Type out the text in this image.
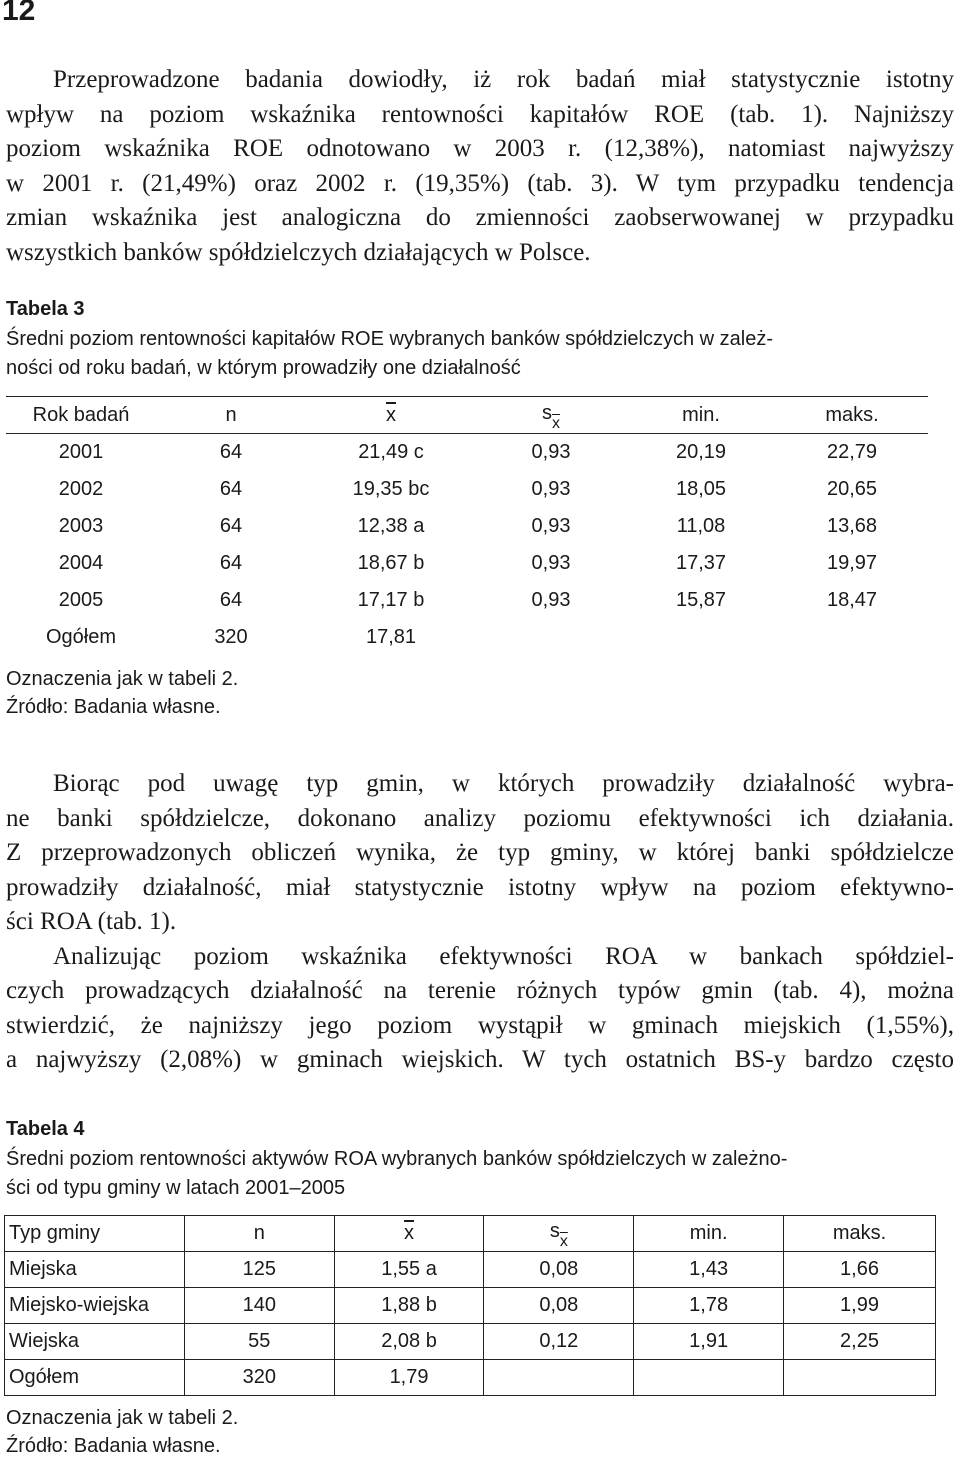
12
Przeprowadzone badania dowiodły, iż rok badań miał statystycznie istotny
wpływ na poziom wskaźnika rentowności kapitałów ROE (tab. 1). Najniższy
poziom wskaźnika ROE odnotowano w 2003 r. (12,38%), natomiast najwyższy
w 2001 r. (21,49%) oraz 2002 r. (19,35%) (tab. 3). W tym przypadku tendencja
zmian wskaźnika jest analogiczna do zmienności zaobserwowanej w przypadku
wszystkich banków spółdzielczych działających w Polsce.
Tabela 3
Średni poziom rentowności kapitałów ROE wybranych banków spółdzielczych w zależ-
ności od roku badań, w którym prowadziły one działalność
Rok badań	n	$\overline{x}$	$s_{\overline{x}}$	min.	maks.
2001	64	21,49 c	0,93	20,19	22,79
2002	64	19,35 bc	0,93	18,05	20,65
2003	64	12,38 a	0,93	11,08	13,68
2004	64	18,67 b	0,93	17,37	19,97
2005	64	17,17 b	0,93	15,87	18,47
Ogółem	320	17,81			
Oznaczenia jak w tabeli 2.
Źródło: Badania własne.
Biorąc pod uwagę typ gmin, w których prowadziły działalność wybra-
ne banki spółdzielcze, dokonano analizy poziomu efektywności ich działania.
Z przeprowadzonych obliczeń wynika, że typ gminy, w której banki spółdzielcze
prowadziły działalność, miał statystycznie istotny wpływ na poziom efektywno-
ści ROA (tab. 1).
Analizując poziom wskaźnika efektywności ROA w bankach spółdziel-
czych prowadzących działalność na terenie różnych typów gmin (tab. 4), można
stwierdzić, że najniższy jego poziom wystąpił w gminach miejskich (1,55%),
a najwyższy (2,08%) w gminach wiejskich. W tych ostatnich BS-y bardzo często
Tabela 4
Średni poziom rentowności aktywów ROA wybranych banków spółdzielczych w zależno-
ści od typu gminy w latach 2001–2005
Typ gminy	n	$\overline{x}$	$s_{\overline{x}}$	min.	maks.
Miejska	125	1,55 a	0,08	1,43	1,66
Miejsko-wiejska	140	1,88 b	0,08	1,78	1,99
Wiejska	55	2,08 b	0,12	1,91	2,25
Ogółem	320	1,79			
Oznaczenia jak w tabeli 2.
Źródło: Badania własne.
